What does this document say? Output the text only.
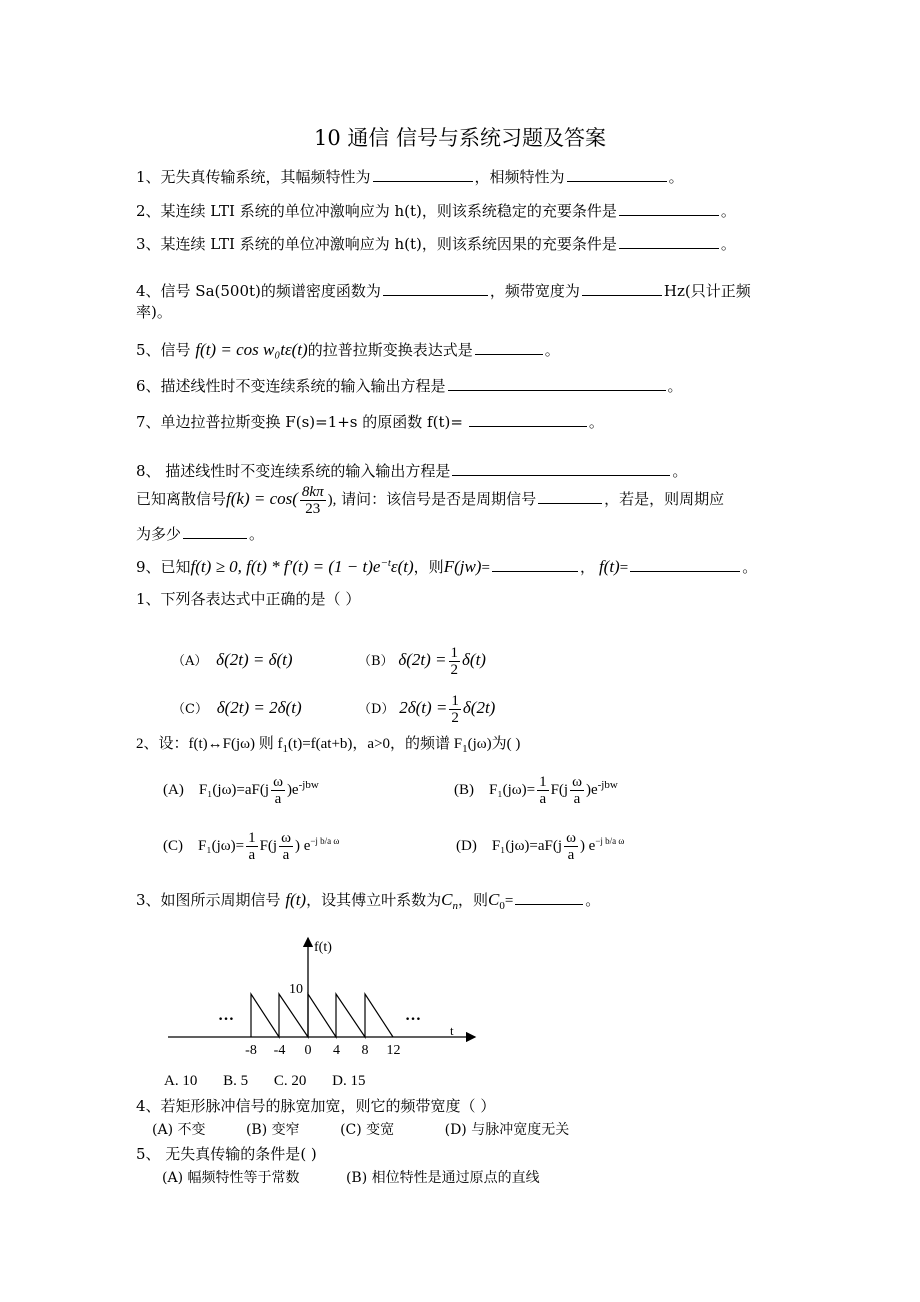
10 通信 信号与系统习题及答案
1、无失真传输系统，其幅频特性为	，相频特性为	。
2、某连续 LTI 系统的单位冲激响应为 h(t)，则该系统稳定的充要条件是	。
3、某连续 LTI 系统的单位冲激响应为 h(t)，则该系统因果的充要条件是	。
4、信号 Sa(500t)的频谱密度函数为	，频带宽度为	Hz(只计正频
率)。
5、信号 f(t) = cos w₀tε(t)的拉普拉斯变换表达式是	。
6、描述线性时不变连续系统的输入输出方程是	。
7、单边拉普拉斯变换 F(s)=1+s 的原函数 f(t)=	。
8、 描述线性时不变连续系统的输入输出方程是	。
已知离散信号$f(k) = \cos( \frac{8k\pi}{23}$ ), 请问：该信号是否是周期信号	，若是，则周期应
为多少	。
9、已知f(t) ≥ 0, $f(t) * f'(t) = (1 - t)e^{-t}\varepsilon(t)$，则F(jw)=	， f(t)=	。
1、下列各表达式中正确的是（ ）
（A） δ(2t) = δ(t)	（B） $\delta(2t) = \frac{1}{2} \delta(t)$
（C） δ(2t) = 2δ(t)	（D） $2\delta(t) = \frac{1}{2} \delta(2t)$
2、设：f(t)↔F(jω) 则 $f_1(t)=f(at+b)$，a>0，的频谱 $F_1(j\omega)$为( )
(A) $F_1(j\omega)=aF(j \frac{\omega}{a} )e^{-jbw}$	(B) $F_1(j\omega)= \frac{1}{a} F(j \frac{\omega}{a} )e^{-jbw}$
(C) $F_1(j\omega)= \frac{1}{a} F(j \frac{\omega}{a}$ ) $e^{-j b/a \omega}$	(D) $F_1(j\omega)=aF(j \frac{\omega}{a}$ ) $e^{-j b/a \omega}$
3、如图所示周期信号 f(t)，设其傅立叶系数为$C_n$，则$C_0=$	。
f(t)
t
10
…	…
-8 -4 0 4 8 12
A. 10 B. 5 C. 20 D. 15
4、若矩形脉冲信号的脉宽加宽，则它的频带宽度（ ）
(A) 不变	(B) 变窄	(C) 变宽	(D) 与脉冲宽度无关
5、 无失真传输的条件是( )
(A) 幅频特性等于常数	(B) 相位特性是通过原点的直线
